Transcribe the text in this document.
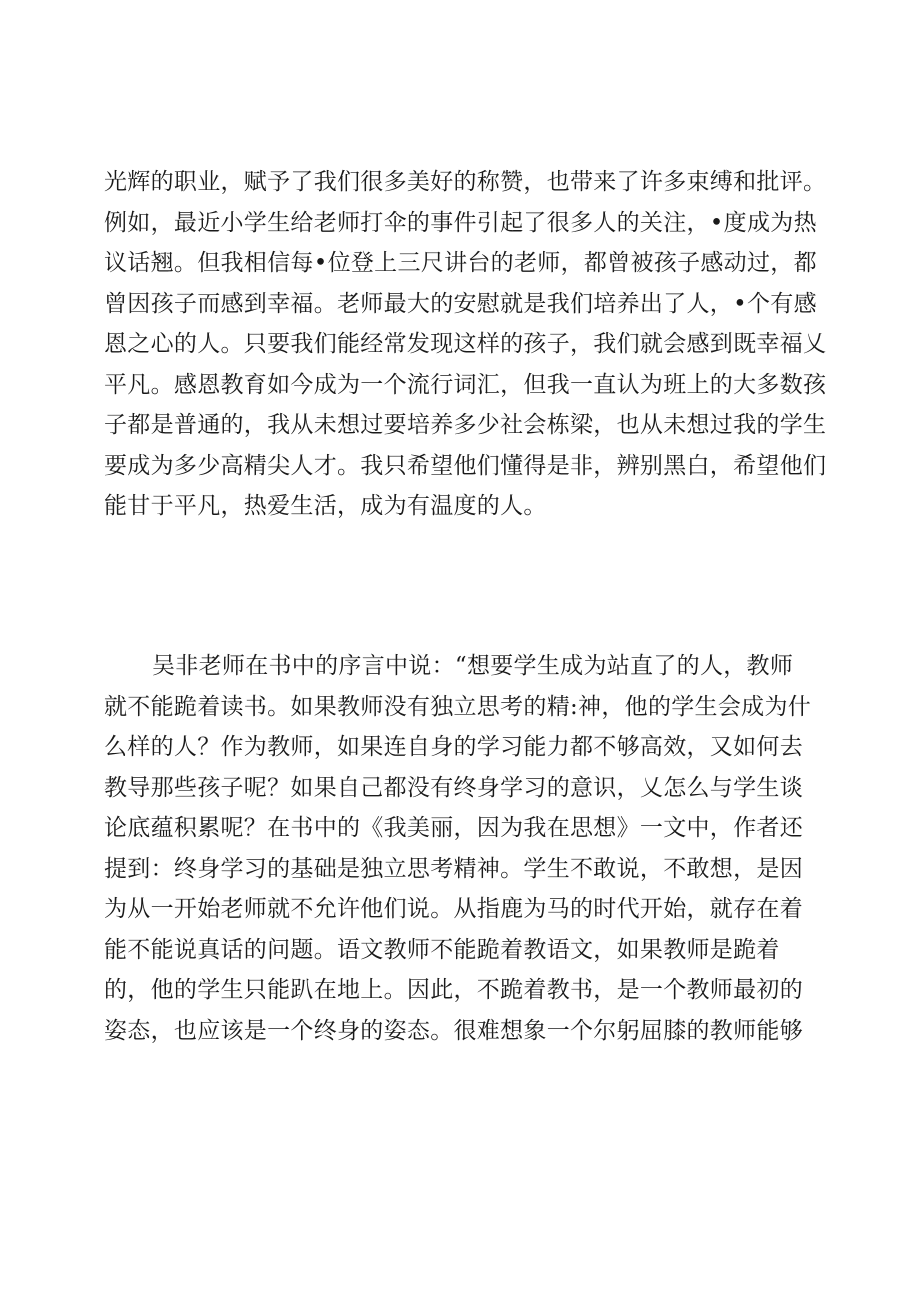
光辉的职业，赋予了我们很多美好的称赞，也带来了许多束缚和批评。
例如，最近小学生给老师打伞的事件引起了很多人的关注，•度成为热
议话翘。但我相信每•位登上三尺讲台的老师，都曾被孩子感动过，都
曾因孩子而感到幸福。老师最大的安慰就是我们培养出了人，•个有感
恩之心的人。只要我们能经常发现这样的孩子，我们就会感到既幸福乂
平凡。感恩教育如今成为一个流行词汇，但我一直认为班上的大多数孩
子都是普通的，我从未想过要培养多少社会栋梁，也从未想过我的学生
要成为多少高精尖人才。我只希望他们懂得是非，辨别黑白，希望他们
能甘于平凡，热爱生活，成为有温度的人。
吴非老师在书中的序言中说：“想要学生成为站直了的人，教师
就不能跪着读书。如果教师没有独立思考的精:神，他的学生会成为什
么样的人？作为教师，如果连自身的学习能力都不够高效，又如何去
教导那些孩子呢？如果自己都没有终身学习的意识，乂怎么与学生谈
论底蕴积累呢？在书中的《我美丽，因为我在思想》一文中，作者还
提到：终身学习的基础是独立思考精神。学生不敢说，不敢想，是因
为从一开始老师就不允许他们说。从指鹿为马的时代开始，就存在着
能不能说真话的问题。语文教师不能跪着教语文，如果教师是跪着
的，他的学生只能趴在地上。因此，不跪着教书，是一个教师最初的
姿态，也应该是一个终身的姿态。很难想象一个尔躬屈膝的教师能够
